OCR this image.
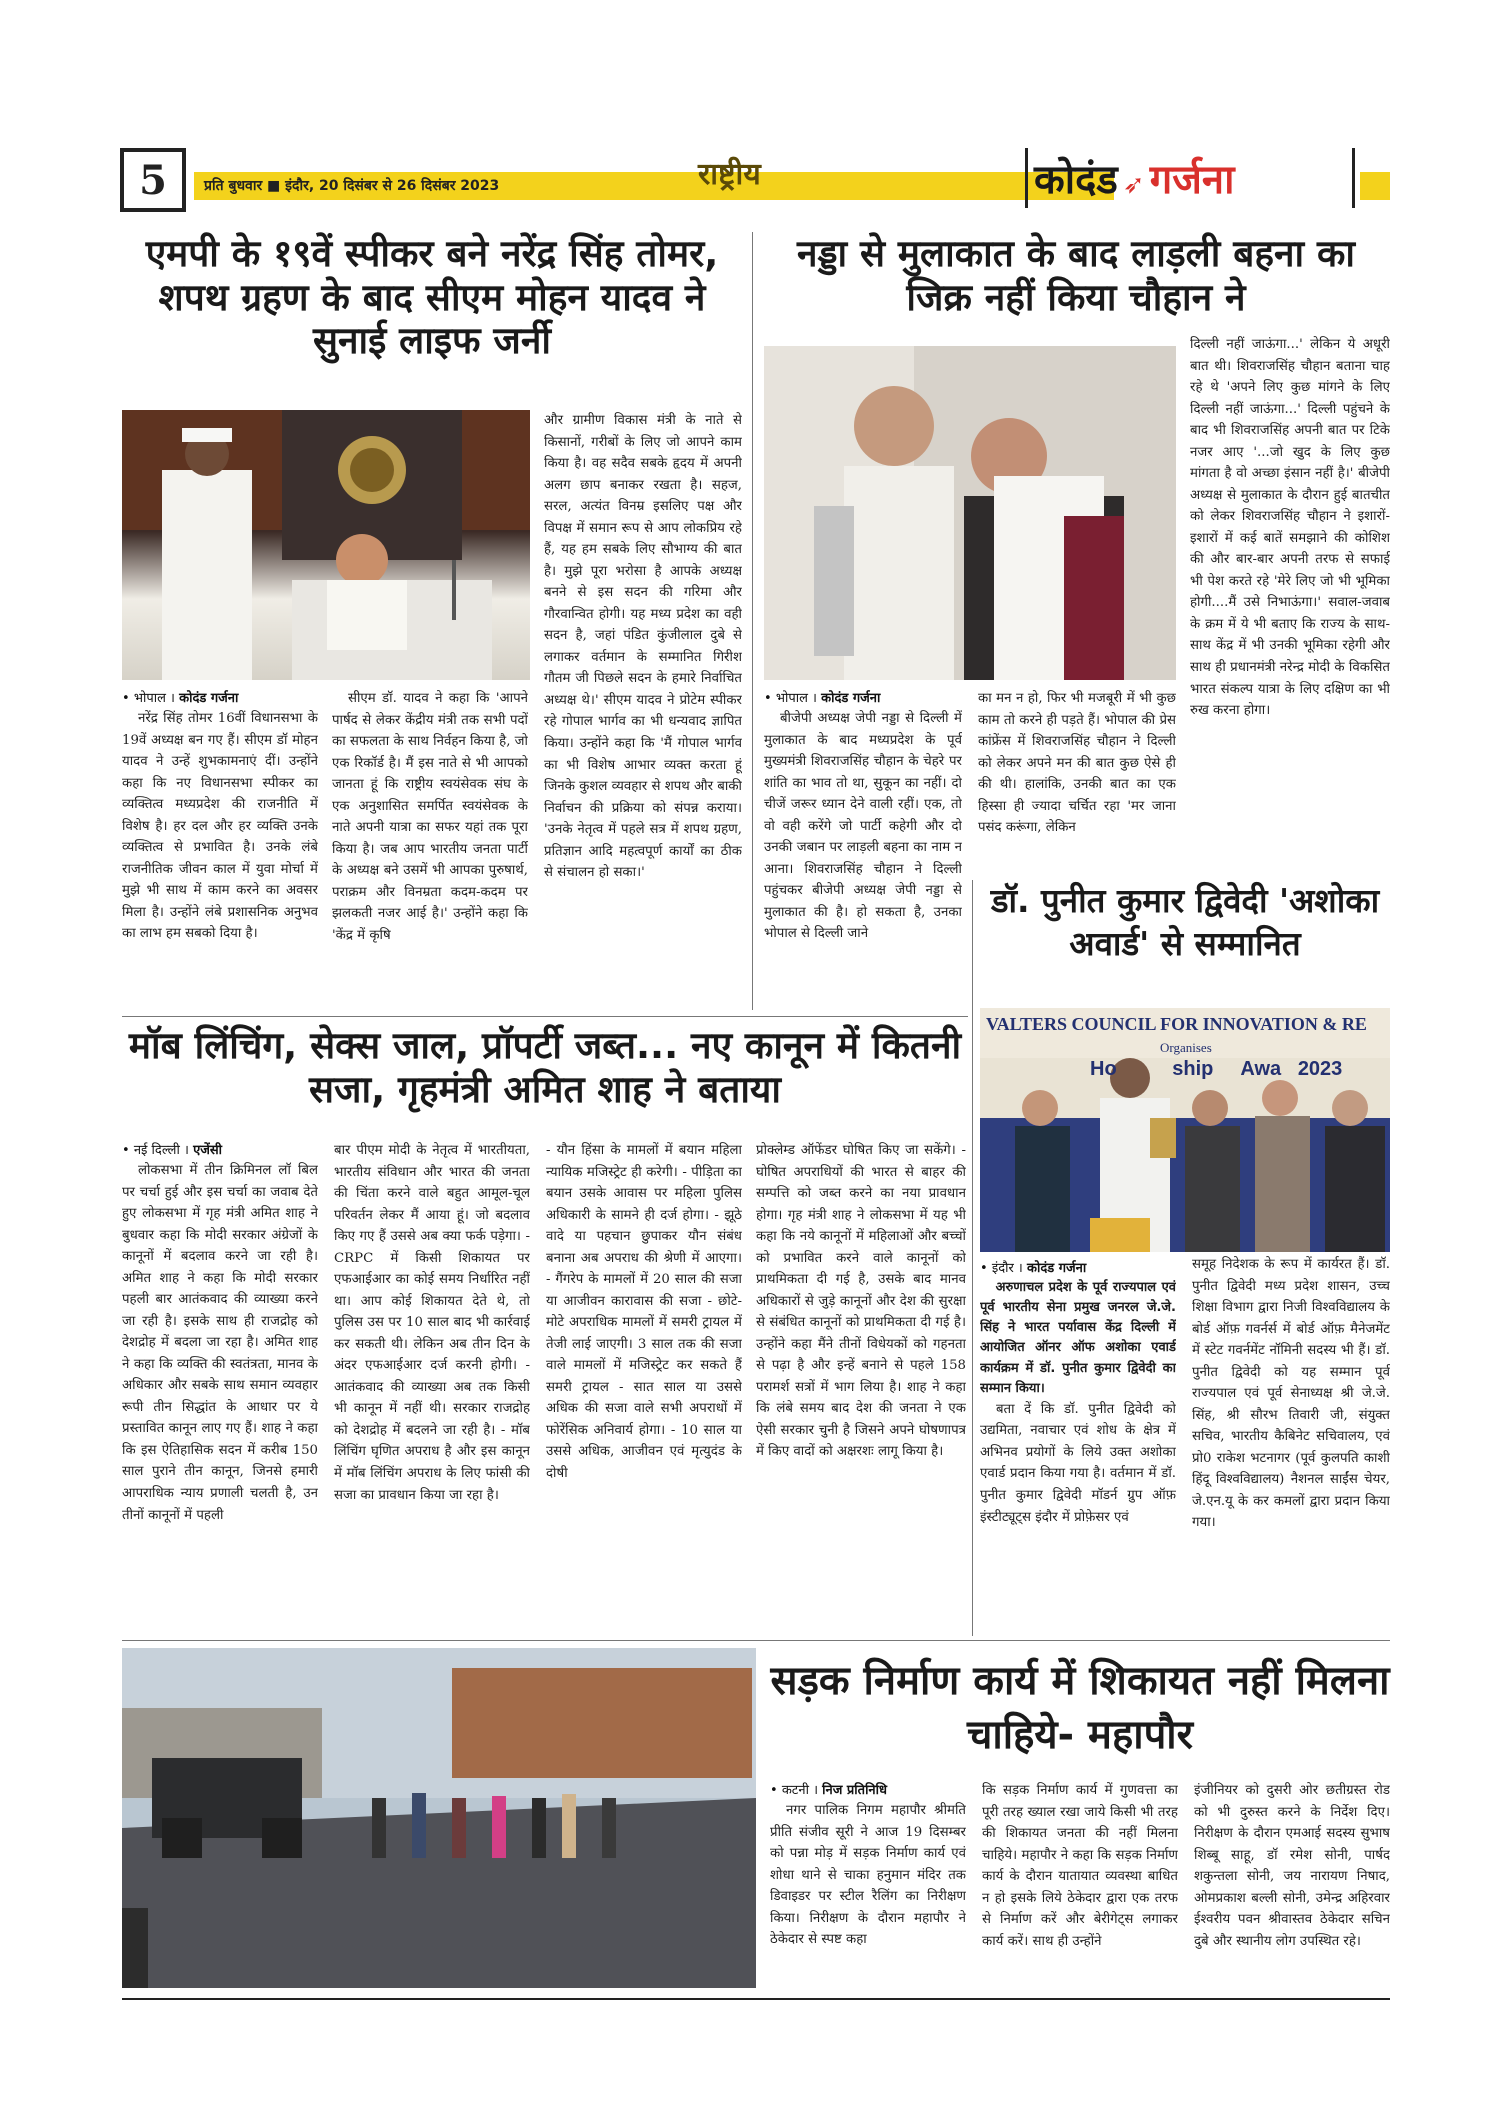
5	प्रति बुधवार ■ इंदौर, 20 दिसंबर से 26 दिसंबर 2023	राष्ट्रीय	कोदंड ➶ गर्जना
एमपी के १९वें स्पीकर बने नरेंद्र सिंह तोमर, शपथ ग्रहण के बाद सीएम मोहन यादव ने सुनाई लाइफ जर्नी
• भोपाल । कोदंड गर्जना

नरेंद्र सिंह तोमर 16वीं विधानसभा के 19वें अध्यक्ष बन गए हैं। सीएम डॉ मोहन यादव ने उन्हें शुभकामनाएं दीं। उन्होंने कहा कि नए विधानसभा स्पीकर का व्यक्तित्व मध्यप्रदेश की राजनीति में विशेष है। हर दल और हर व्यक्ति उनके व्यक्तित्व से प्रभावित है। उनके लंबे राजनीतिक जीवन काल में युवा मोर्चा में मुझे भी साथ में काम करने का अवसर मिला है। उन्होंने लंबे प्रशासनिक अनुभव का लाभ हम सबको दिया है।

सीएम डॉ. यादव ने कहा कि 'आपने पार्षद से लेकर केंद्रीय मंत्री तक सभी पदों का सफलता के साथ निर्वहन किया है, जो एक रिकॉर्ड है। मैं इस नाते से भी आपको जानता हूं कि राष्ट्रीय स्वयंसेवक संघ के एक अनुशासित समर्पित स्वयंसेवक के नाते अपनी यात्रा का सफर यहां तक पूरा किया है। जब आप भारतीय जनता पार्टी के अध्यक्ष बने उसमें भी आपका पुरुषार्थ, पराक्रम और विनम्रता कदम-कदम पर झलकती नजर आई है।' उन्होंने कहा कि 'केंद्र में कृषि

और ग्रामीण विकास मंत्री के नाते से किसानों, गरीबों के लिए जो आपने काम किया है। वह सदैव सबके हृदय में अपनी अलग छाप बनाकर रखता है। सहज, सरल, अत्यंत विनम्र इसलिए पक्ष और विपक्ष में समान रूप से आप लोकप्रिय रहे हैं, यह हम सबके लिए सौभाग्य की बात है। मुझे पूरा भरोसा है आपके अध्यक्ष बनने से इस सदन की गरिमा और गौरवान्वित होगी। यह मध्य प्रदेश का वही सदन है, जहां पंडित कुंजीलाल दुबे से लगाकर वर्तमान के सम्मानित गिरीश गौतम जी पिछले सदन के हमारे निर्वाचित अध्यक्ष थे।' सीएम यादव ने प्रोटेम स्पीकर रहे गोपाल भार्गव का भी धन्यवाद ज्ञापित किया। उन्होंने कहा कि 'मैं गोपाल भार्गव का भी विशेष आभार व्यक्त करता हूं जिनके कुशल व्यवहार से शपथ और बाकी निर्वाचन की प्रक्रिया को संपन्न कराया। 'उनके नेतृत्व में पहले सत्र में शपथ ग्रहण, प्रतिज्ञान आदि महत्वपूर्ण कार्यों का ठीक से संचालन हो सका।'

नड्डा से मुलाकात के बाद लाड़ली बहना का जिक्र नहीं किया चौहान ने
• भोपाल । कोदंड गर्जना

बीजेपी अध्यक्ष जेपी नड्डा से दिल्ली में मुलाकात के बाद मध्यप्रदेश के पूर्व मुख्यमंत्री शिवराजसिंह चौहान के चेहरे पर शांति का भाव तो था, सुकून का नहीं। दो चीजें जरूर ध्यान देने वाली रहीं। एक, तो वो वही करेंगे जो पार्टी कहेगी और दो उनकी जबान पर लाड़ली बहना का नाम न आना। शिवराजसिंह चौहान ने दिल्ली पहुंचकर बीजेपी अध्यक्ष जेपी नड्डा से मुलाकात की है। हो सकता है, उनका भोपाल से दिल्ली जाने

का मन न हो, फिर भी मजबूरी में भी कुछ काम तो करने ही पड़ते हैं। भोपाल की प्रेस कांफ्रेंस में शिवराजसिंह चौहान ने दिल्ली को लेकर अपने मन की बात कुछ ऐसे ही की थी। हालांकि, उनकी बात का एक हिस्सा ही ज्यादा चर्चित रहा 'मर जाना पसंद करूंगा, लेकिन

दिल्ली नहीं जाऊंगा...' लेकिन ये अधूरी बात थी। शिवराजसिंह चौहान बताना चाह रहे थे 'अपने लिए कुछ मांगने के लिए दिल्ली नहीं जाऊंगा...' दिल्ली पहुंचने के बाद भी शिवराजसिंह अपनी बात पर टिके नजर आए '...जो खुद के लिए कुछ मांगता है वो अच्छा इंसान नहीं है।' बीजेपी अध्यक्ष से मुलाकात के दौरान हुई बातचीत को लेकर शिवराजसिंह चौहान ने इशारों-इशारों में कई बातें समझाने की कोशिश की और बार-बार अपनी तरफ से सफाई भी पेश करते रहे 'मेरे लिए जो भी भूमिका होगी....मैं उसे निभाऊंगा।' सवाल-जवाब के क्रम में ये भी बताए कि राज्य के साथ-साथ केंद्र में भी उनकी भूमिका रहेगी और साथ ही प्रधानमंत्री नरेन्द्र मोदी के विकसित भारत संकल्प यात्रा के लिए दक्षिण का भी रुख करना होगा।

डॉ. पुनीत कुमार द्विवेदी 'अशोका अवार्ड' से सम्मानित
VALTERS COUNCIL FOR INNOVATION & RE
Organises
Ho          ship     Awa   2023
• इंदौर । कोदंड गर्जना

अरुणाचल प्रदेश के पूर्व राज्यपाल एवं पूर्व भारतीय सेना प्रमुख जनरल जे.जे. सिंह ने भारत पर्यावास केंद्र दिल्ली में आयोजित ऑनर ऑफ अशोका एवार्ड कार्यक्रम में डॉ. पुनीत कुमार द्विवेदी का सम्मान किया।

बता दें कि डॉ. पुनीत द्विवेदी को उद्यमिता, नवाचार एवं शोध के क्षेत्र में अभिनव प्रयोगों के लिये उक्त अशोका एवार्ड प्रदान किया गया है। वर्तमान में डॉ. पुनीत कुमार द्विवेदी मॉडर्न ग्रुप ऑफ़ इंस्टीट्यूट्स इंदौर में प्रोफ़ेसर एवं

समूह निदेशक के रूप में कार्यरत हैं। डॉ. पुनीत द्विवेदी मध्य प्रदेश शासन, उच्च शिक्षा विभाग द्वारा निजी विश्वविद्यालय के बोर्ड ऑफ़ गवर्नर्स में बोर्ड ऑफ़ मैनेजमेंट में स्टेट गवर्नमेंट नॉमिनी सदस्य भी हैं। डॉ. पुनीत द्विवेदी को यह सम्मान पूर्व राज्यपाल एवं पूर्व सेनाध्यक्ष श्री जे.जे. सिंह, श्री सौरभ तिवारी जी, संयुक्त सचिव, भारतीय कैबिनेट सचिवालय, एवं प्रो0 राकेश भटनागर (पूर्व कुलपति काशी हिंदू विश्वविद्यालय) नैशनल साईंस चेयर, जे.एन.यू के कर कमलों द्वारा प्रदान किया गया।

मॉब लिंचिंग, सेक्स जाल, प्रॉपर्टी जब्त... नए कानून में कितनी सजा, गृहमंत्री अमित शाह ने बताया
• नई दिल्ली । एजेंसी

लोकसभा में तीन क्रिमिनल लॉ बिल पर चर्चा हुई और इस चर्चा का जवाब देते हुए लोकसभा में गृह मंत्री अमित शाह ने बुधवार कहा कि मोदी सरकार अंग्रेजों के कानूनों में बदलाव करने जा रही है। अमित शाह ने कहा कि मोदी सरकार पहली बार आतंकवाद की व्याख्या करने जा रही है। इसके साथ ही राजद्रोह को देशद्रोह में बदला जा रहा है। अमित शाह ने कहा कि व्यक्ति की स्वतंत्रता, मानव के अधिकार और सबके साथ समान व्यवहार रूपी तीन सिद्धांत के आधार पर ये प्रस्तावित कानून लाए गए हैं। शाह ने कहा कि इस ऐतिहासिक सदन में करीब 150 साल पुराने तीन कानून, जिनसे हमारी आपराधिक न्याय प्रणाली चलती है, उन तीनों कानूनों में पहली

बार पीएम मोदी के नेतृत्व में भारतीयता, भारतीय संविधान और भारत की जनता की चिंता करने वाले बहुत आमूल-चूल परिवर्तन लेकर मैं आया हूं। जो बदलाव किए गए हैं उससे अब क्या फर्क पड़ेगा। -CRPC में किसी शिकायत पर एफआईआर का कोई समय निर्धारित नहीं था। आप कोई शिकायत देते थे, तो पुलिस उस पर 10 साल बाद भी कार्रवाई कर सकती थी। लेकिन अब तीन दिन के अंदर एफआईआर दर्ज करनी होगी। - आतंकवाद की व्याख्या अब तक किसी भी कानून में नहीं थी। सरकार राजद्रोह को देशद्रोह में बदलने जा रही है। - मॉब लिंचिंग घृणित अपराध है और इस कानून में मॉब लिंचिंग अपराध के लिए फांसी की सजा का प्रावधान किया जा रहा है।

- यौन हिंसा के मामलों में बयान महिला न्यायिक मजिस्ट्रेट ही करेगी। - पीड़िता का बयान उसके आवास पर महिला पुलिस अधिकारी के सामने ही दर्ज होगा। - झूठे वादे या पहचान छुपाकर यौन संबंध बनाना अब अपराध की श्रेणी में आएगा। - गैंगरेप के मामलों में 20 साल की सजा या आजीवन कारावास की सजा - छोटे-मोटे अपराधिक मामलों में समरी ट्रायल में तेजी लाई जाएगी। 3 साल तक की सजा वाले मामलों में मजिस्ट्रेट कर सकते हैं समरी ट्रायल - सात साल या उससे अधिक की सजा वाले सभी अपराधों में फोरेंसिक अनिवार्य होगा। - 10 साल या उससे अधिक, आजीवन एवं मृत्युदंड के दोषी

प्रोक्लेम्ड ऑफेंडर घोषित किए जा सकेंगे। - घोषित अपराधियों की भारत से बाहर की सम्पत्ति को जब्त करने का नया प्रावधान होगा। गृह मंत्री शाह ने लोकसभा में यह भी कहा कि नये कानूनों में महिलाओं और बच्चों को प्रभावित करने वाले कानूनों को प्राथमिकता दी गई है, उसके बाद मानव अधिकारों से जुड़े कानूनों और देश की सुरक्षा से संबंधित कानूनों को प्राथमिकता दी गई है। उन्होंने कहा मैंने तीनों विधेयकों को गहनता से पढ़ा है और इन्हें बनाने से पहले 158 परामर्श सत्रों में भाग लिया है। शाह ने कहा कि लंबे समय बाद देश की जनता ने एक ऐसी सरकार चुनी है जिसने अपने घोषणापत्र में किए वादों को अक्षरशः लागू किया है।

सड़क निर्माण कार्य में शिकायत नहीं मिलना चाहिये- महापौर
• कटनी । निज प्रतिनिधि

नगर पालिक निगम महापौर श्रीमति प्रीति संजीव सूरी ने आज 19 दिसम्बर को पन्ना मोड़ में सड़क निर्माण कार्य एवं शोधा थाने से चाका हनुमान मंदिर तक डिवाइडर पर स्टील रैलिंग का निरीक्षण किया। निरीक्षण के दौरान महापौर ने ठेकेदार से स्पष्ट कहा

कि सड़क निर्माण कार्य में गुणवत्ता का पूरी तरह ख्याल रखा जाये किसी भी तरह की शिकायत जनता की नहीं मिलना चाहिये। महापौर ने कहा कि सड़क निर्माण कार्य के दौरान यातायात व्यवस्था बाधित न हो इसके लिये ठेकेदार द्वारा एक तरफ से निर्माण करें और बेरीगेट्स लगाकर कार्य करें। साथ ही उन्होंने

इंजीनियर को दुसरी ओर छतीग्रस्त रोड को भी दुरुस्त करने के निर्देश दिए। निरीक्षण के दौरान एमआई सदस्य सुभाष शिब्बू साहू, डॉ रमेश सोनी, पार्षद शकुन्तला सोनी, जय नारायण निषाद, ओमप्रकाश बल्ली सोनी, उमेन्द्र अहिरवार ईश्वरीय पवन श्रीवास्तव ठेकेदार सचिन दुबे और स्थानीय लोग उपस्थित रहे।
